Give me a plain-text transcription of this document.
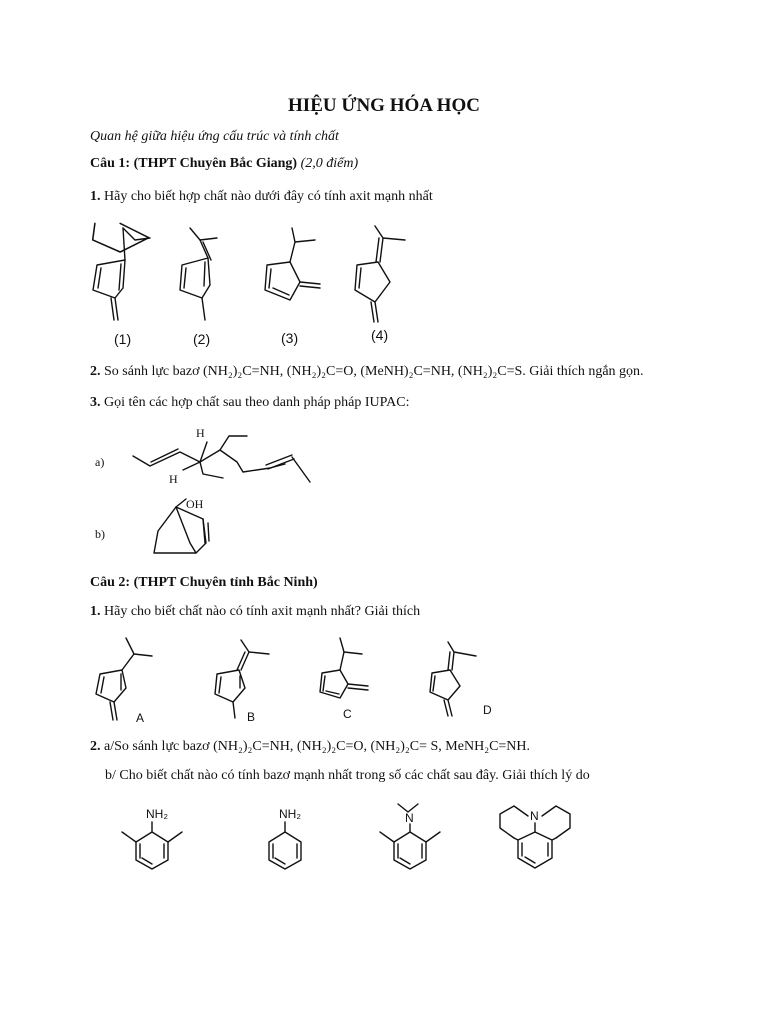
HIỆU ỨNG HÓA HỌC
Quan hệ giữa hiệu ứng cấu trúc và tính chất
Câu 1: (THPT Chuyên Bắc Giang) (2,0 điểm)
1. Hãy cho biết hợp chất nào dưới đây có tính axit mạnh nhất
(1)	(2)	(3)	(4)
2. So sánh lực bazơ (NH₂)₂C=NH, (NH₂)₂C=O, (MeNH)₂C=NH, (NH₂)₂C=S. Giải thích ngắn gọn.
3. Gọi tên các hợp chất sau theo danh pháp pháp IUPAC:
a)
H
H
b)
OH
Câu 2: (THPT Chuyên tỉnh Bắc Ninh)
1. Hãy cho biết chất nào có tính axit mạnh nhất? Giải thích
A	B	C	D
2. a/So sánh lực bazơ (NH₂)₂C=NH, (NH₂)₂C=O, (NH₂)₂C= S, MeNH₂C=NH.
b/ Cho biết chất nào có tính bazơ mạnh nhất trong số các chất sau đây. Giải thích lý do
NH₂	NH₂	N	N
